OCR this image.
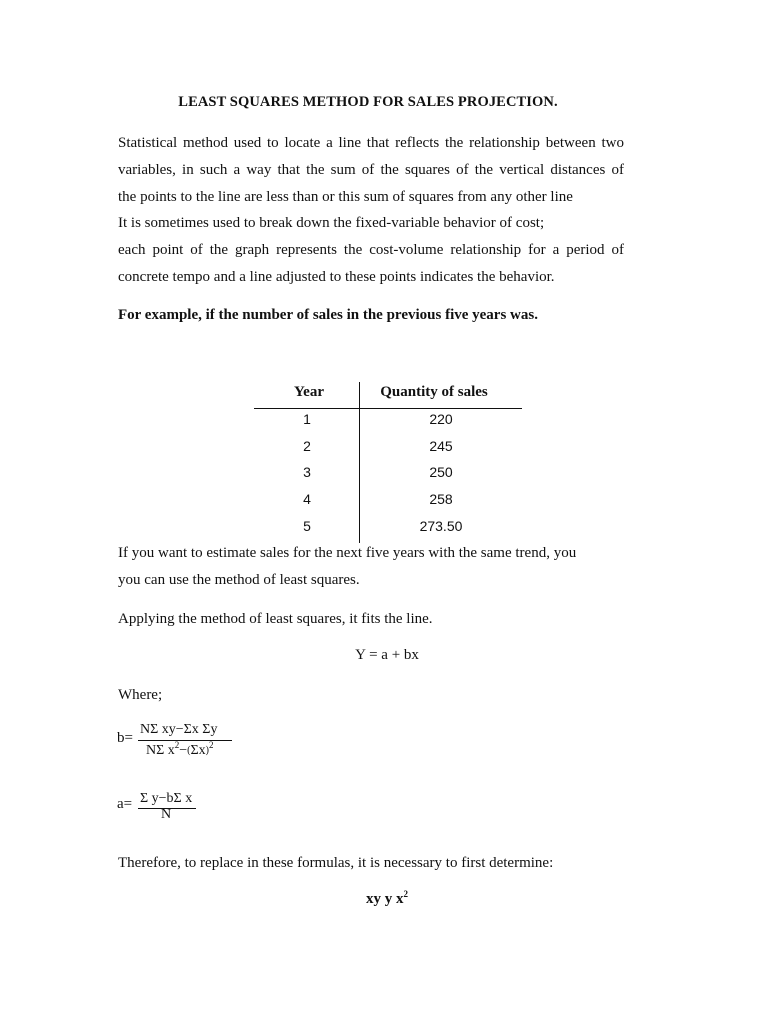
LEAST SQUARES METHOD FOR SALES PROJECTION.
Statistical method used to locate a line that reflects the relationship between two
variables, in such a way that the sum of the squares of the vertical distances of
the points to the line are less than or this sum of squares from any other line
It is sometimes used to break down the fixed-variable behavior of cost;
each point of the graph represents the cost-volume relationship for a period of
concrete tempo and a line adjusted to these points indicates the behavior.
For example, if the number of sales in the previous five years was.
Year	Quantity of sales
1	220
2	245
3	250
4	258
5	273.50
If you want to estimate sales for the next five years with the same trend, you
you can use the method of least squares.
Applying the method of least squares, it fits the line.
Y = a + bx
Where;
b=
NΣ xy−Σx Σy
NΣ $x^2-(\Sigma x)^2$
a= Σ y−bΣ x
N
Therefore, to replace in these formulas, it is necessary to first determine:
xy y $x^2$
